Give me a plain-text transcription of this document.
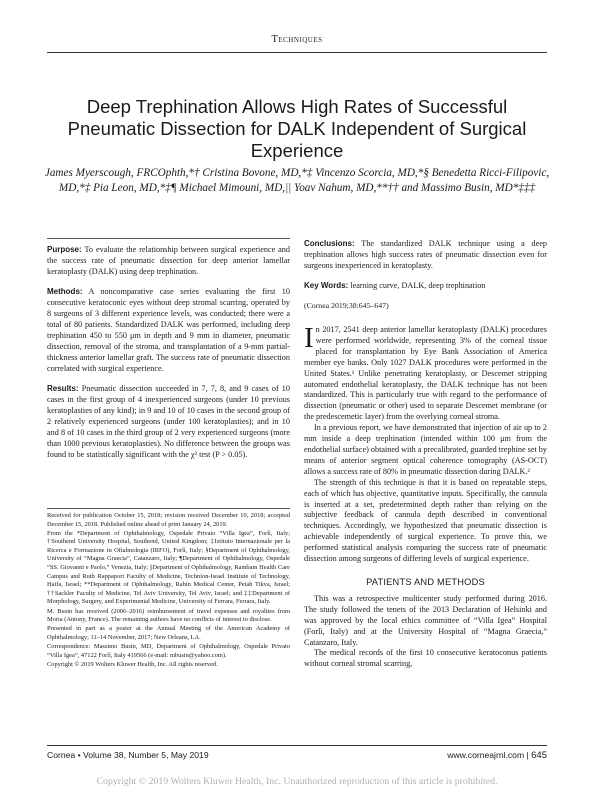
Techniques
Deep Trephination Allows High Rates of Successful Pneumatic Dissection for DALK Independent of Surgical Experience
James Myerscough, FRCOphth,*† Cristina Bovone, MD,*‡ Vincenzo Scorcia, MD,*§ Benedetta Ricci-Filipovic, MD,*‡ Pia Leon, MD,*‡¶ Michael Mimouni, MD,|| Yoav Nahum, MD,**†† and Massimo Busin, MD*‡‡‡

Purpose: To evaluate the relationship between surgical experience and the success rate of pneumatic dissection for deep anterior lamellar keratoplasty (DALK) using deep trephination.

Methods: A noncomparative case series evaluating the first 10 consecutive keratoconic eyes without deep stromal scarring, operated by 8 surgeons of 3 different experience levels, was conducted; there were a total of 80 patients. Standardized DALK was performed, including deep trephination 450 to 550 μm in depth and 9 mm in diameter, pneumatic dissection, removal of the stroma, and transplantation of a 9-mm partial-thickness anterior lamellar graft. The success rate of pneumatic dissection correlated with surgical experience.

Results: Pneumatic dissection succeeded in 7, 7, 8, and 9 cases of 10 cases in the first group of 4 inexperienced surgeons (under 10 previous keratoplasties of any kind); in 9 and 10 of 10 cases in the second group of 2 relatively experienced surgeons (under 100 keratoplasties); and in 10 and 8 of 10 cases in the third group of 2 very experienced surgeons (more than 1000 previous keratoplasties). No difference between the groups was found to be statistically significant with the χ² test (P > 0.05).

Received for publication October 15, 2018; revision received December 10, 2018; accepted December 15, 2018. Published online ahead of print January 24, 2019.

From the *Department of Ophthalmology, Ospedale Privato “Villa Igea”, Forlì, Italy; †Southend University Hospital, Southend, United Kingdom; ‡Istituto Internazionale per la Ricerca e Formazione in Oftalmologia (IRFO), Forlì, Italy; §Department of Ophthalmology, University of “Magna Graecia”, Catanzaro, Italy; ¶Department of Ophthalmology, Ospedale “SS. Giovanni e Paolo,” Venezia, Italy; ||Department of Ophthalmology, Rambam Health Care Campus and Ruth Rappaport Faculty of Medicine, Technion-Israel Institute of Technology, Haifa, Israel; **Department of Ophthalmology, Rabin Medical Center, Petah Tikva, Israel; ††Sackler Faculty of Medicine, Tel Aviv University, Tel Aviv, Israel; and ‡‡Department of Morphology, Surgery, and Experimental Medicine, University of Ferrara, Ferrara, Italy.

M. Busin has received (2006–2016) reimbursement of travel expenses and royalties from Moria (Antony, France). The remaining authors have no conflicts of interest to disclose.

Presented in part as a poster at the Annual Meeting of the American Academy of Ophthalmology; 11–14 November, 2017; New Orleans, LA.

Correspondence: Massimo Busin, MD, Department of Ophthalmology, Ospedale Privato “Villa Igea”, 47122 Forlì, Italy 419566 (e-mail: mbusin@yahoo.com).

Copyright © 2019 Wolters Kluwer Health, Inc. All rights reserved.

Conclusions: The standardized DALK technique using a deep trephination allows high success rates of pneumatic dissection even for surgeons inexperienced in keratoplasty.

Key Words: learning curve, DALK, deep trephination

(Cornea 2019;38:645–647)

In 2017, 2541 deep anterior lamellar keratoplasty (DALK) procedures were performed worldwide, representing 3% of the corneal tissue placed for transplantation by Eye Bank Association of America member eye banks. Only 1027 DALK procedures were performed in the United States.¹ Unlike penetrating keratoplasty, or Descemet stripping automated endothelial keratoplasty, the DALK technique has not been standardized. This is particularly true with regard to the performance of dissection (pneumatic or other) used to separate Descemet membrane (or the predescemetic layer) from the overlying corneal stroma.

In a previous report, we have demonstrated that injection of air up to 2 mm inside a deep trephination (intended within 100 μm from the endothelial surface) obtained with a precalibrated, guarded trephine set by means of anterior segment optical coherence tomography (AS-OCT) allows a success rate of 80% in pneumatic dissection during DALK.²

The strength of this technique is that it is based on repeatable steps, each of which has objective, quantitative inputs. Specifically, the cannula is inserted at a set, predetermined depth rather than relying on the subjective feedback of cannula depth described in conventional techniques. Accordingly, we hypothesized that pneumatic dissection is achievable independently of surgical experience. To prove this, we performed statistical analysis comparing the success rate of pneumatic dissection among surgeons of differing levels of surgical experience.

PATIENTS AND METHODS

This was a retrospective multicenter study performed during 2016. The study followed the tenets of the 2013 Declaration of Helsinki and was approved by the local ethics committee of “Villa Igea” Hospital (Forlì, Italy) and at the University Hospital of “Magna Graecia,” Catanzaro, Italy.

The medical records of the first 10 consecutive keratoconus patients without corneal stromal scarring,

Cornea • Volume 38, Number 5, May 2019	www.corneajrnl.com | 645
Copyright © 2019 Wolters Kluwer Health, Inc. Unauthorized reproduction of this article is prohibited.
